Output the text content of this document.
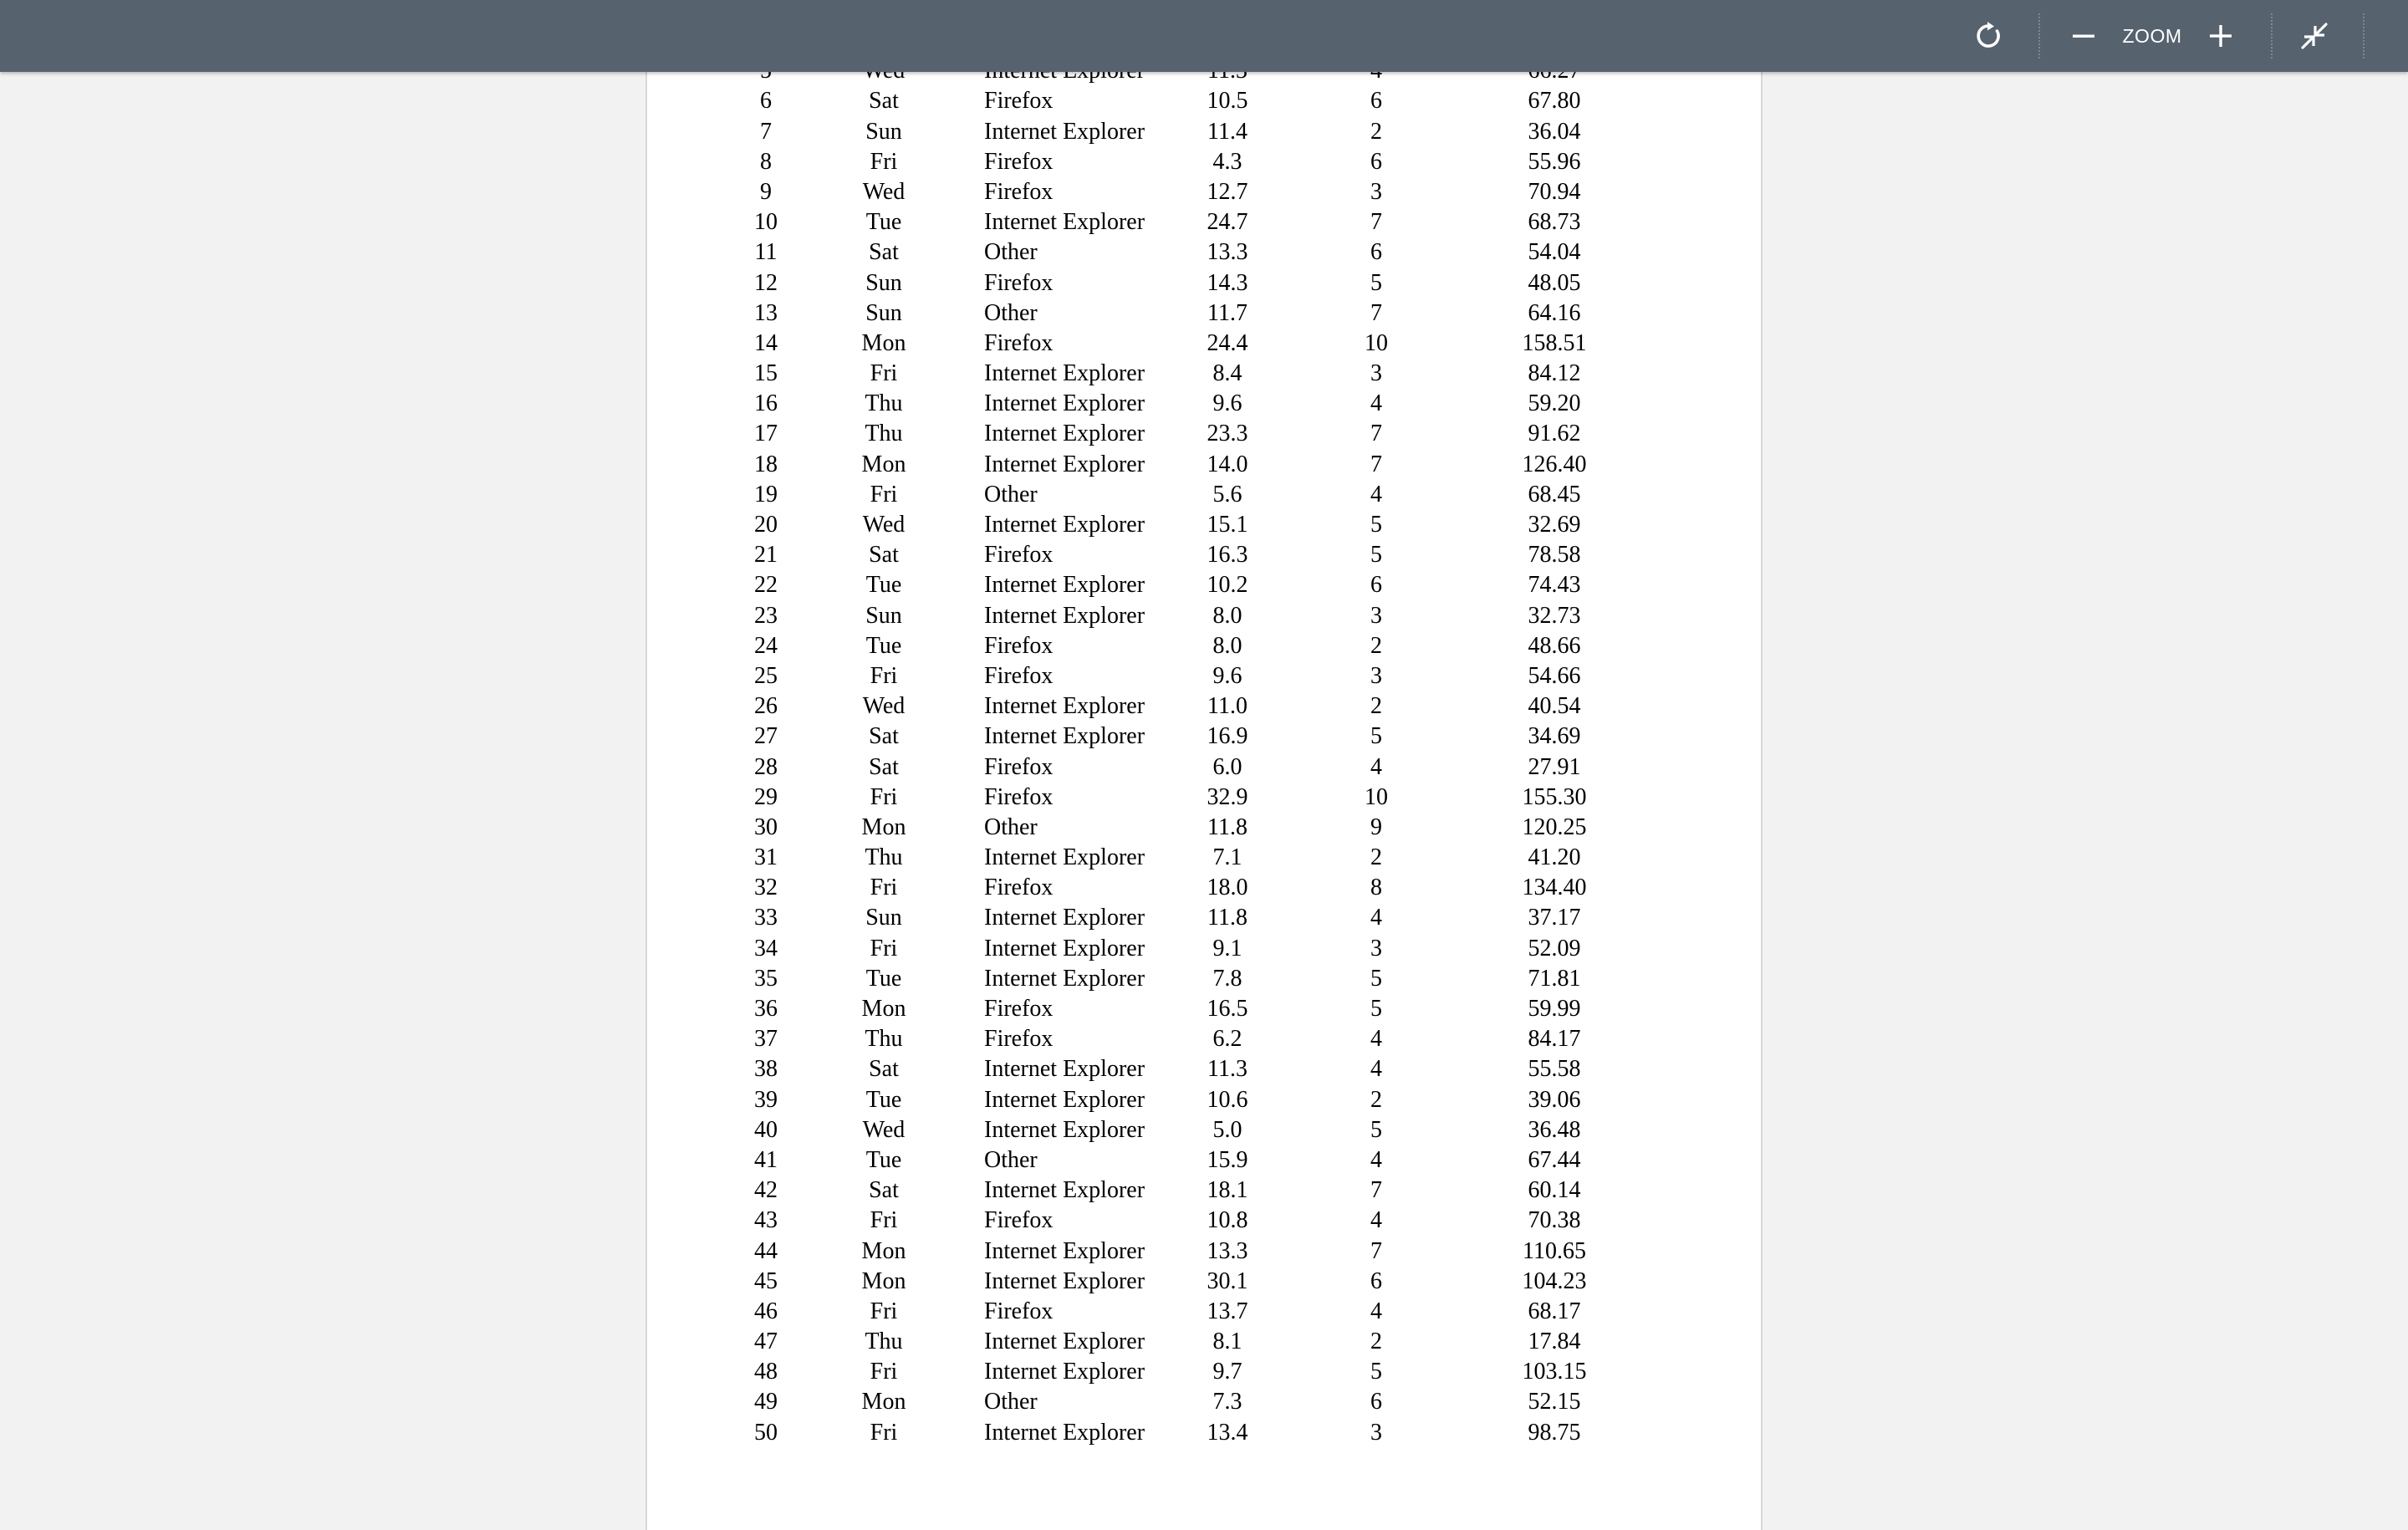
6	Sat	Firefox	10.5	6	67.80
7	Sun	Internet Explorer	11.4	2	36.04
8	Fri	Firefox	4.3	6	55.96
9	Wed	Firefox	12.7	3	70.94
10	Tue	Internet Explorer	24.7	7	68.73
11	Sat	Other	13.3	6	54.04
12	Sun	Firefox	14.3	5	48.05
13	Sun	Other	11.7	7	64.16
14	Mon	Firefox	24.4	10	158.51
15	Fri	Internet Explorer	8.4	3	84.12
16	Thu	Internet Explorer	9.6	4	59.20
17	Thu	Internet Explorer	23.3	7	91.62
18	Mon	Internet Explorer	14.0	7	126.40
19	Fri	Other	5.6	4	68.45
20	Wed	Internet Explorer	15.1	5	32.69
21	Sat	Firefox	16.3	5	78.58
22	Tue	Internet Explorer	10.2	6	74.43
23	Sun	Internet Explorer	8.0	3	32.73
24	Tue	Firefox	8.0	2	48.66
25	Fri	Firefox	9.6	3	54.66
26	Wed	Internet Explorer	11.0	2	40.54
27	Sat	Internet Explorer	16.9	5	34.69
28	Sat	Firefox	6.0	4	27.91
29	Fri	Firefox	32.9	10	155.30
30	Mon	Other	11.8	9	120.25
31	Thu	Internet Explorer	7.1	2	41.20
32	Fri	Firefox	18.0	8	134.40
33	Sun	Internet Explorer	11.8	4	37.17
34	Fri	Internet Explorer	9.1	3	52.09
35	Tue	Internet Explorer	7.8	5	71.81
36	Mon	Firefox	16.5	5	59.99
37	Thu	Firefox	6.2	4	84.17
38	Sat	Internet Explorer	11.3	4	55.58
39	Tue	Internet Explorer	10.6	2	39.06
40	Wed	Internet Explorer	5.0	5	36.48
41	Tue	Other	15.9	4	67.44
42	Sat	Internet Explorer	18.1	7	60.14
43	Fri	Firefox	10.8	4	70.38
44	Mon	Internet Explorer	13.3	7	110.65
45	Mon	Internet Explorer	30.1	6	104.23
46	Fri	Firefox	13.7	4	68.17
47	Thu	Internet Explorer	8.1	2	17.84
48	Fri	Internet Explorer	9.7	5	103.15
49	Mon	Other	7.3	6	52.15
50	Fri	Internet Explorer	13.4	3	98.75
ZOOM
